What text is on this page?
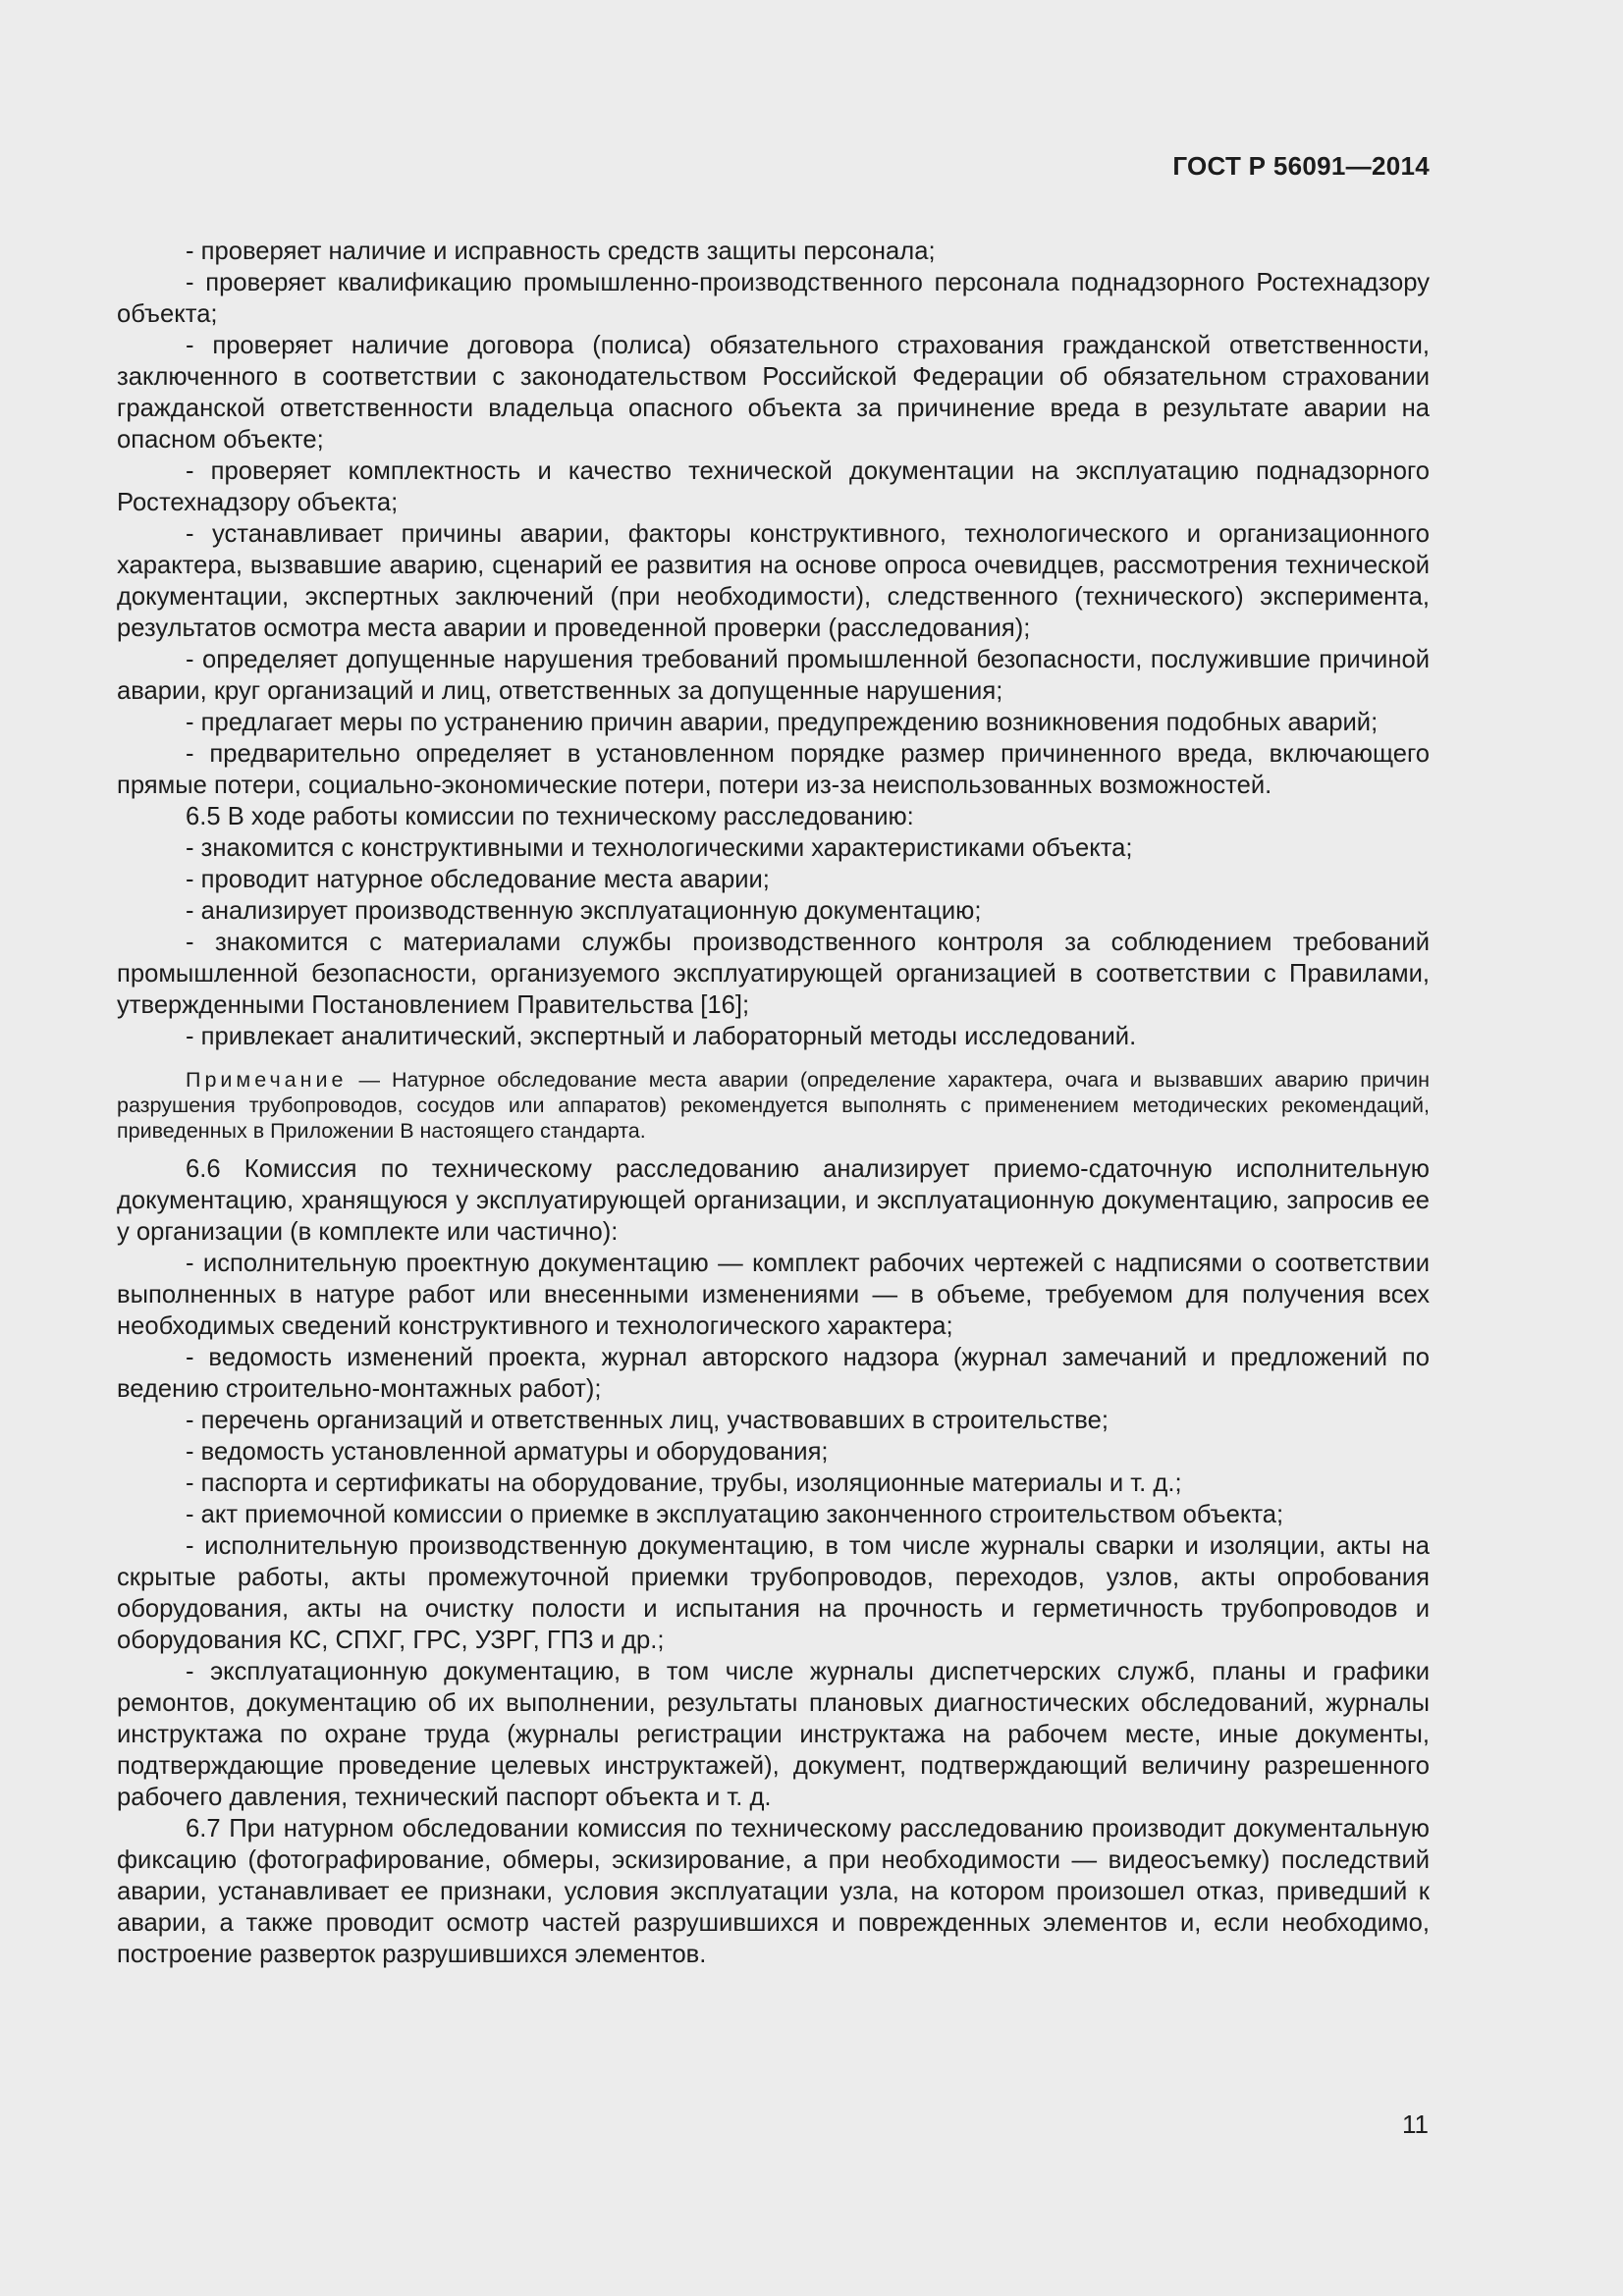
ГОСТ Р 56091—2014

- проверяет наличие и исправность средств защиты персонала;

- проверяет квалификацию промышленно-производственного персонала поднадзорного Ростехнадзору объекта;

- проверяет наличие договора (полиса) обязательного страхования гражданской ответственности, заключенного в соответствии с законодательством Российской Федерации об обязательном страховании гражданской ответственности владельца опасного объекта за причинение вреда в результате аварии на опасном объекте;

- проверяет комплектность и качество технической документации на эксплуатацию поднадзорного Ростехнадзору объекта;

- устанавливает причины аварии, факторы конструктивного, технологического и организационного характера, вызвавшие аварию, сценарий ее развития на основе опроса очевидцев, рассмотрения технической документации, экспертных заключений (при необходимости), следственного (технического) эксперимента, результатов осмотра места аварии и проведенной проверки (расследования);

- определяет допущенные нарушения требований промышленной безопасности, послужившие причиной аварии, круг организаций и лиц, ответственных за допущенные нарушения;

- предлагает меры по устранению причин аварии, предупреждению возникновения подобных аварий;

- предварительно определяет в установленном порядке размер причиненного вреда, включающего прямые потери, социально-экономические потери, потери из-за неиспользованных возможностей.

6.5 В ходе работы комиссии по техническому расследованию:

- знакомится с конструктивными и технологическими характеристиками объекта;

- проводит натурное обследование места аварии;

- анализирует производственную эксплуатационную документацию;

- знакомится с материалами службы производственного контроля за соблюдением требований промышленной безопасности, организуемого эксплуатирующей организацией в соответствии с Правилами, утвержденными Постановлением Правительства [16];

- привлекает аналитический, экспертный и лабораторный методы исследований.

Примечание — Натурное обследование места аварии (определение характера, очага и вызвавших аварию причин разрушения трубопроводов, сосудов или аппаратов) рекомендуется выполнять с применением методических рекомендаций, приведенных в Приложении В настоящего стандарта.

6.6 Комиссия по техническому расследованию анализирует приемо-сдаточную исполнительную документацию, хранящуюся у эксплуатирующей организации, и эксплуатационную документацию, запросив ее у организации (в комплекте или частично):

- исполнительную проектную документацию — комплект рабочих чертежей с надписями о соответствии выполненных в натуре работ или внесенными изменениями — в объеме, требуемом для получения всех необходимых сведений конструктивного и технологического характера;

- ведомость изменений проекта, журнал авторского надзора (журнал замечаний и предложений по ведению строительно-монтажных работ);

- перечень организаций и ответственных лиц, участвовавших в строительстве;

- ведомость установленной арматуры и оборудования;

- паспорта и сертификаты на оборудование, трубы, изоляционные материалы и т. д.;

- акт приемочной комиссии о приемке в эксплуатацию законченного строительством объекта;

- исполнительную производственную документацию, в том числе журналы сварки и изоляции, акты на скрытые работы, акты промежуточной приемки трубопроводов, переходов, узлов, акты опробования оборудования, акты на очистку полости и испытания на прочность и герметичность трубопроводов и оборудования КС, СПХГ, ГРС, УЗРГ, ГПЗ и др.;

- эксплуатационную документацию, в том числе журналы диспетчерских служб, планы и графики ремонтов, документацию об их выполнении, результаты плановых диагностических обследований, журналы инструктажа по охране труда (журналы регистрации инструктажа на рабочем месте, иные документы, подтверждающие проведение целевых инструктажей), документ, подтверждающий величину разрешенного рабочего давления, технический паспорт объекта и т. д.

6.7 При натурном обследовании комиссия по техническому расследованию производит документальную фиксацию (фотографирование, обмеры, эскизирование, а при необходимости — видеосъемку) последствий аварии, устанавливает ее признаки, условия эксплуатации узла, на котором произошел отказ, приведший к аварии, а также проводит осмотр частей разрушившихся и поврежденных элементов и, если необходимо, построение разверток разрушившихся элементов.

11
